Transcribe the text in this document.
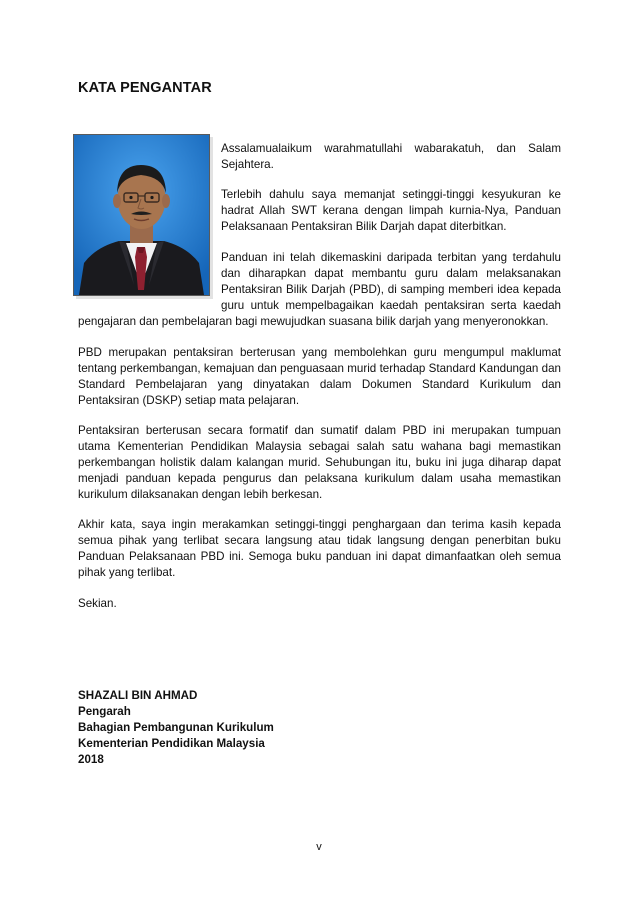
KATA PENGANTAR

Assalamualaikum warahmatullahi wabarakatuh, dan Salam Sejahtera.

Terlebih dahulu saya memanjat setinggi-tinggi kesyukuran ke hadrat Allah SWT kerana dengan limpah kurnia-Nya, Panduan Pelaksanaan Pentaksiran Bilik Darjah dapat diterbitkan.

Panduan ini telah dikemaskini daripada terbitan yang terdahulu
dan diharapkan dapat membantu guru dalam melaksanakan
Pentaksiran Bilik Darjah (PBD), di samping memberi idea kepada
guru untuk mempelbagaikan kaedah pentaksiran serta kaedah

pengajaran dan pembelajaran bagi mewujudkan suasana bilik darjah yang menyeronokkan.

PBD merupakan pentaksiran berterusan yang membolehkan guru mengumpul maklumat tentang perkembangan, kemajuan dan penguasaan murid terhadap Standard Kandungan dan Standard Pembelajaran yang dinyatakan dalam Dokumen Standard Kurikulum dan Pentaksiran (DSKP) setiap mata pelajaran.

Pentaksiran berterusan secara formatif dan sumatif dalam PBD ini merupakan tumpuan utama Kementerian Pendidikan Malaysia sebagai salah satu wahana bagi memastikan perkembangan holistik dalam kalangan murid. Sehubungan itu, buku ini juga diharap dapat menjadi panduan kepada pengurus dan pelaksana kurikulum dalam usaha memastikan kurikulum dilaksanakan dengan lebih berkesan.

Akhir kata, saya ingin merakamkan setinggi-tinggi penghargaan dan terima kasih kepada semua pihak yang terlibat secara langsung atau tidak langsung dengan penerbitan buku Panduan Pelaksanaan PBD ini. Semoga buku panduan ini dapat dimanfaatkan oleh semua pihak yang terlibat.

Sekian.

SHAZALI BIN AHMAD
Pengarah
Bahagian Pembangunan Kurikulum
Kementerian Pendidikan Malaysia
2018
v
